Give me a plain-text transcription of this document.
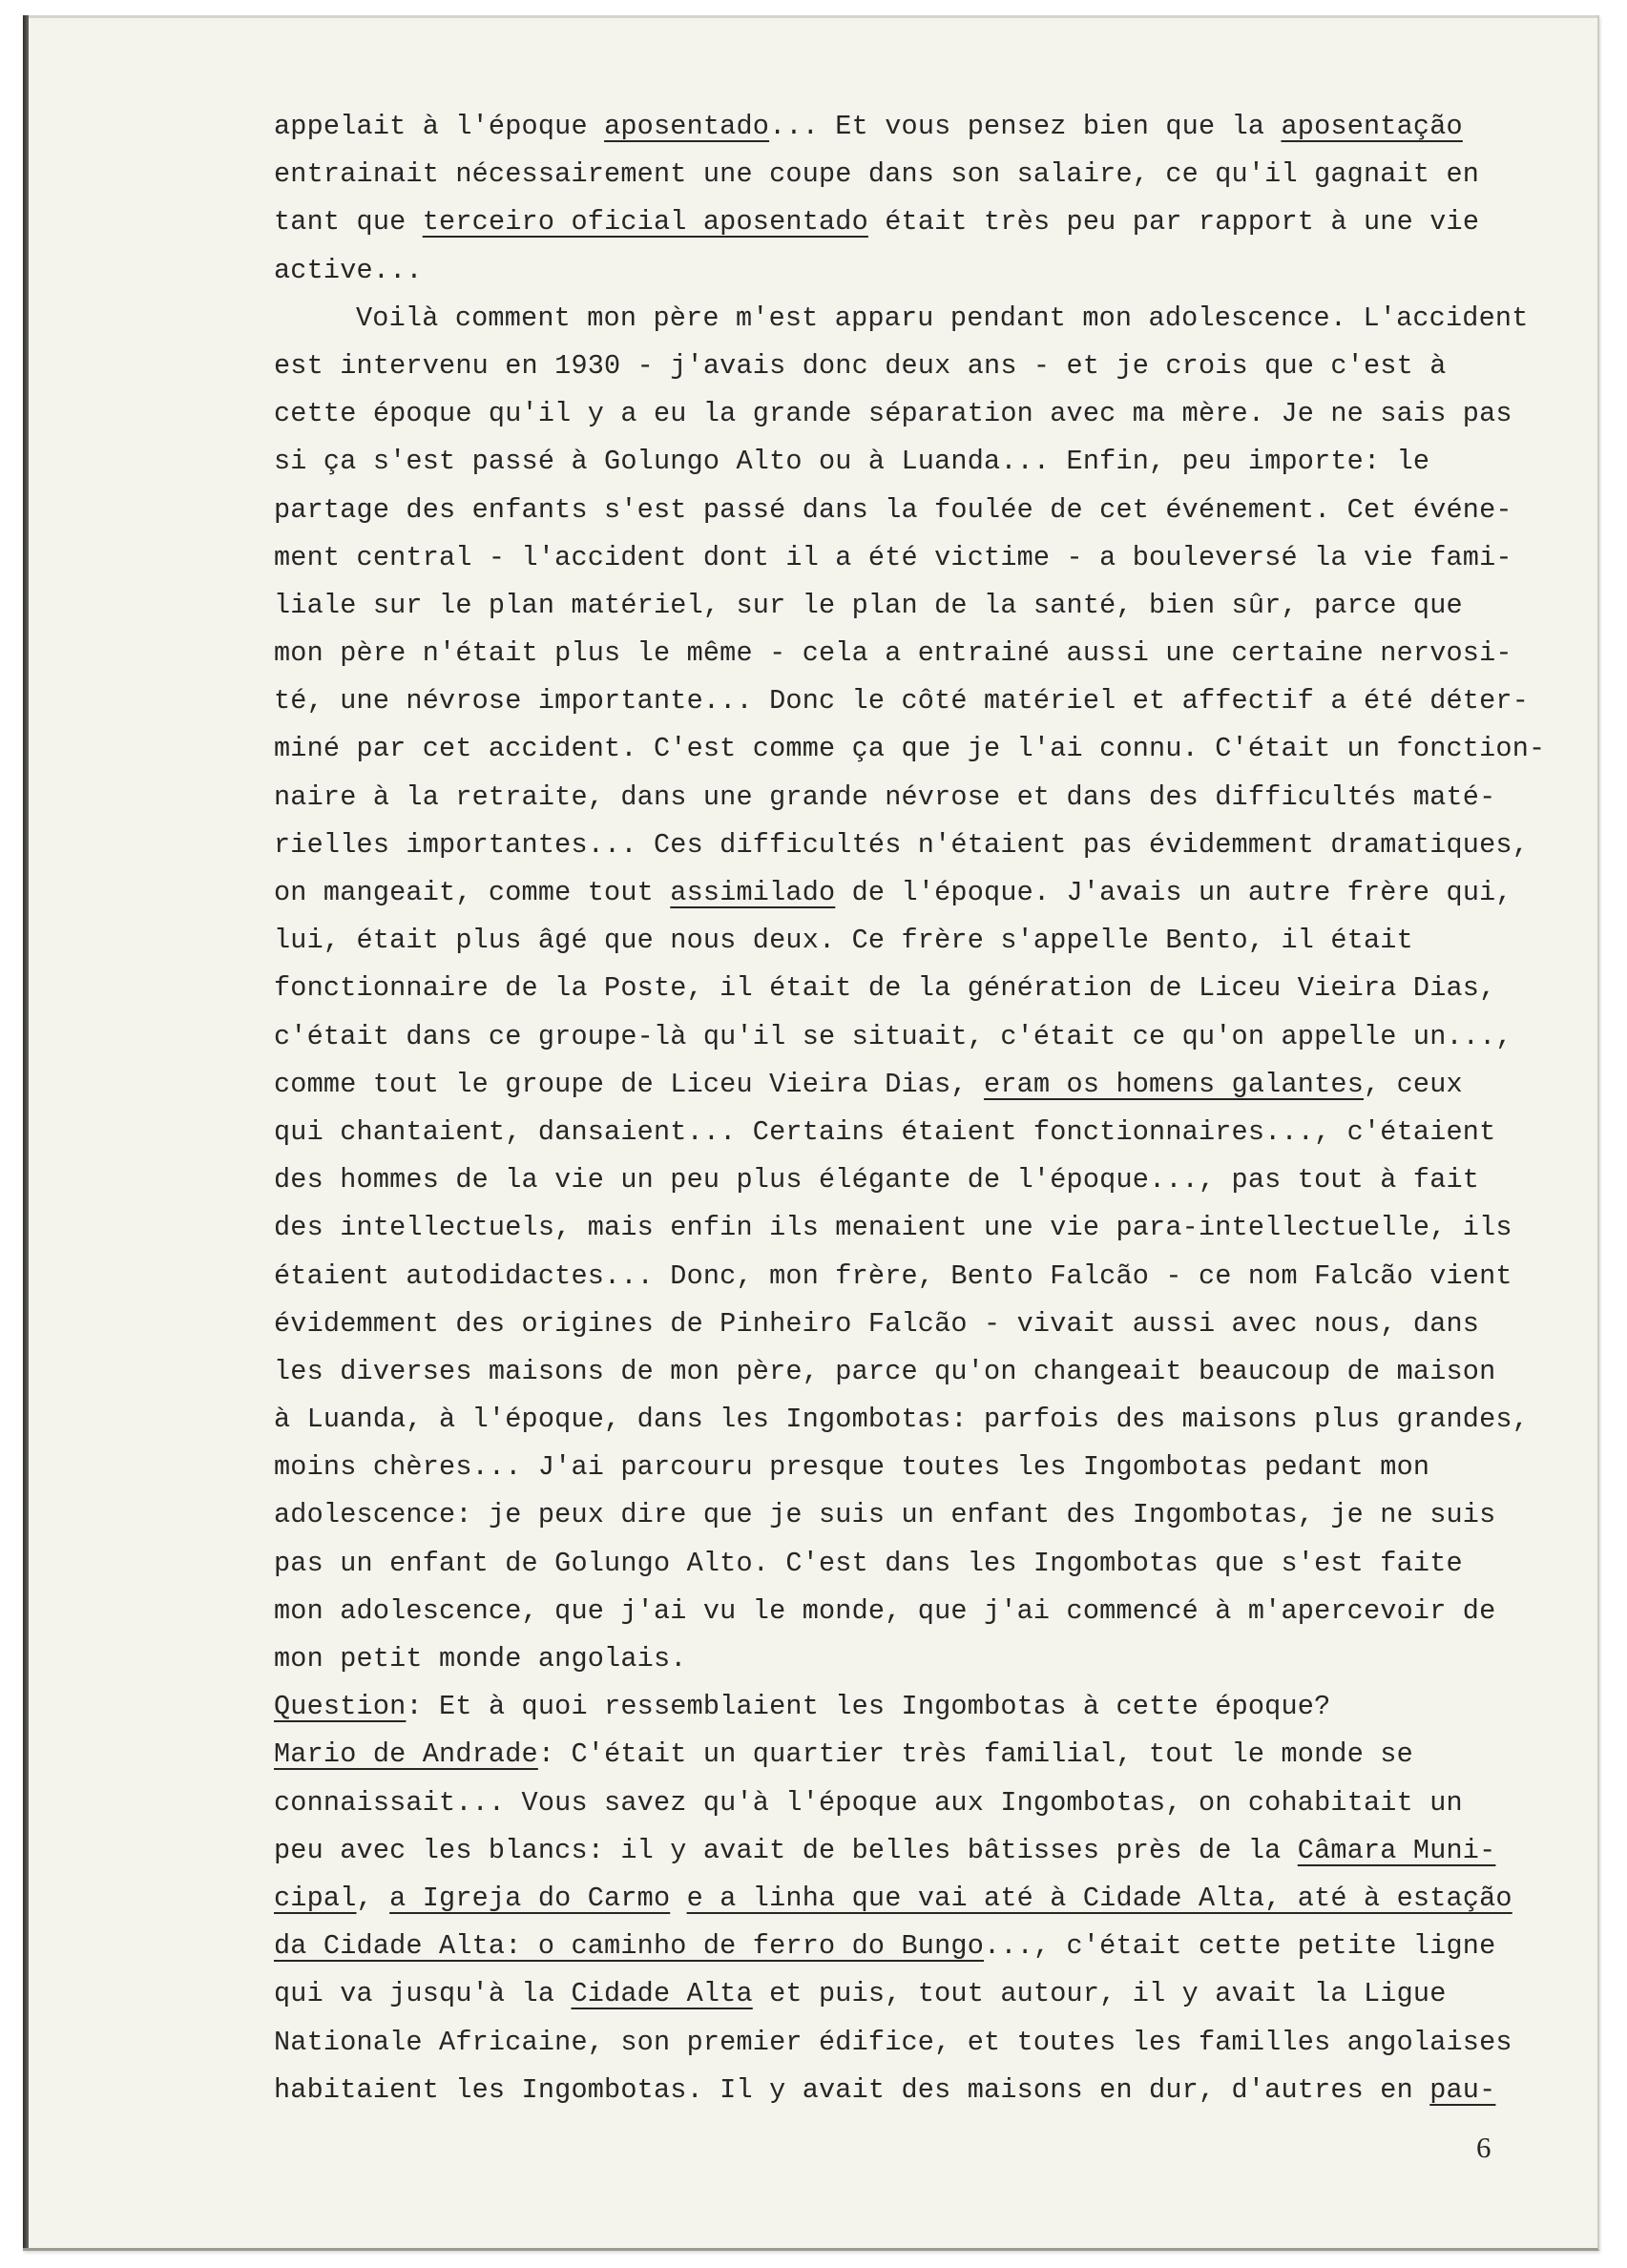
appelait à l'époque aposentado... Et vous pensez bien que la aposentação
entrainait nécessairement une coupe dans son salaire, ce qu'il gagnait en
tant que terceiro oficial aposentado était très peu par rapport à une vie
active...
Voilà comment mon père m'est apparu pendant mon adolescence. L'accident
est intervenu en 1930 - j'avais donc deux ans - et je crois que c'est à
cette époque qu'il y a eu la grande séparation avec ma mère. Je ne sais pas
si ça s'est passé à Golungo Alto ou à Luanda... Enfin, peu importe: le
partage des enfants s'est passé dans la foulée de cet événement. Cet événe-
ment central - l'accident dont il a été victime - a bouleversé la vie fami-
liale sur le plan matériel, sur le plan de la santé, bien sûr, parce que
mon père n'était plus le même - cela a entrainé aussi une certaine nervosi-
té, une névrose importante... Donc le côté matériel et affectif a été déter-
miné par cet accident. C'est comme ça que je l'ai connu. C'était un fonction-
naire à la retraite, dans une grande névrose et dans des difficultés maté-
rielles importantes... Ces difficultés n'étaient pas évidemment dramatiques,
on mangeait, comme tout assimilado de l'époque. J'avais un autre frère qui,
lui, était plus âgé que nous deux. Ce frère s'appelle Bento, il était
fonctionnaire de la Poste, il était de la génération de Liceu Vieira Dias,
c'était dans ce groupe-là qu'il se situait, c'était ce qu'on appelle un...,
comme tout le groupe de Liceu Vieira Dias, eram os homens galantes, ceux
qui chantaient, dansaient... Certains étaient fonctionnaires..., c'étaient
des hommes de la vie un peu plus élégante de l'époque..., pas tout à fait
des intellectuels, mais enfin ils menaient une vie para-intellectuelle, ils
étaient autodidactes... Donc, mon frère, Bento Falcão - ce nom Falcão vient
évidemment des origines de Pinheiro Falcão - vivait aussi avec nous, dans
les diverses maisons de mon père, parce qu'on changeait beaucoup de maison
à Luanda, à l'époque, dans les Ingombotas: parfois des maisons plus grandes,
moins chères... J'ai parcouru presque toutes les Ingombotas pedant mon
adolescence: je peux dire que je suis un enfant des Ingombotas, je ne suis
pas un enfant de Golungo Alto. C'est dans les Ingombotas que s'est faite
mon adolescence, que j'ai vu le monde, que j'ai commencé à m'apercevoir de
mon petit monde angolais.
Question: Et à quoi ressemblaient les Ingombotas à cette époque?
Mario de Andrade: C'était un quartier très familial, tout le monde se
connaissait... Vous savez qu'à l'époque aux Ingombotas, on cohabitait un
peu avec les blancs: il y avait de belles bâtisses près de la Câmara Muni-
cipal, a Igreja do Carmo e a linha que vai até à Cidade Alta, até à estação
da Cidade Alta: o caminho de ferro do Bungo..., c'était cette petite ligne
qui va jusqu'à la Cidade Alta et puis, tout autour, il y avait la Ligue
Nationale Africaine, son premier édifice, et toutes les familles angolaises
habitaient les Ingombotas. Il y avait des maisons en dur, d'autres en pau-
6
